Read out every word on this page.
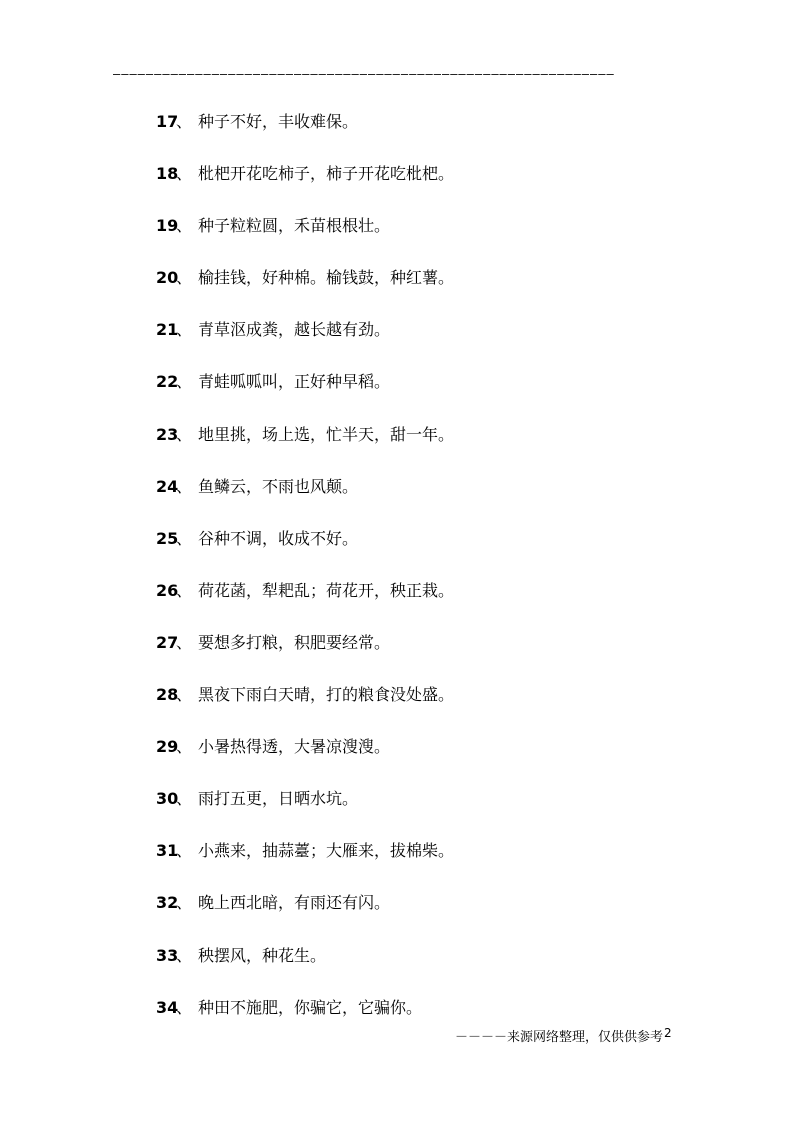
–––––––––––––––––––––––––––––––––––––––––––––––––––––––––––––
17、 种子不好，丰收难保。
18、 枇杷开花吃柿子，柿子开花吃枇杷。
19、 种子粒粒圆，禾苗根根壮。
20、 榆挂钱，好种棉。榆钱鼓，种红薯。
21、 青草沤成粪，越长越有劲。
22、 青蛙呱呱叫，正好种早稻。
23、 地里挑，场上选，忙半天，甜一年。
24、 鱼鳞云，不雨也风颠。
25、 谷种不调，收成不好。
26、 荷花菡，犁耙乱；荷花开，秧正栽。
27、 要想多打粮，积肥要经常。
28、 黑夜下雨白天晴，打的粮食没处盛。
29、 小暑热得透，大暑凉溲溲。
30、 雨打五更，日晒水坑。
31、 小燕来，抽蒜薹；大雁来，拔棉柴。
32、 晚上西北暗，有雨还有闪。
33、 秧摆风，种花生。
34、 种田不施肥，你骗它，它骗你。
－－－－来源网络整理，仅供供参考 2
